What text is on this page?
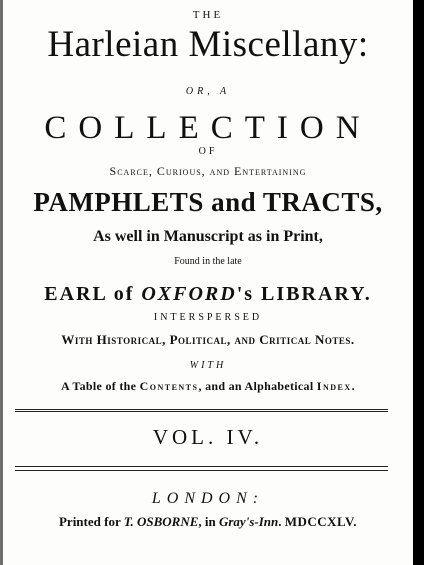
THE
Harleian Miscellany:
OR, A
COLLECTION
OF
Scarce, Curious, and Entertaining
PAMPHLETS and TRACTS,
As well in Manuscript as in Print,
Found in the late
EARL of OXFORD's LIBRARY.
INTERSPERSED
With Historical, Political, and Critical Notes.
WITH
A Table of the Contents, and an Alphabetical Index.
VOL. IV.
LONDON:
Printed for T. OSBORNE, in Gray's-Inn. MDCCXLV.
